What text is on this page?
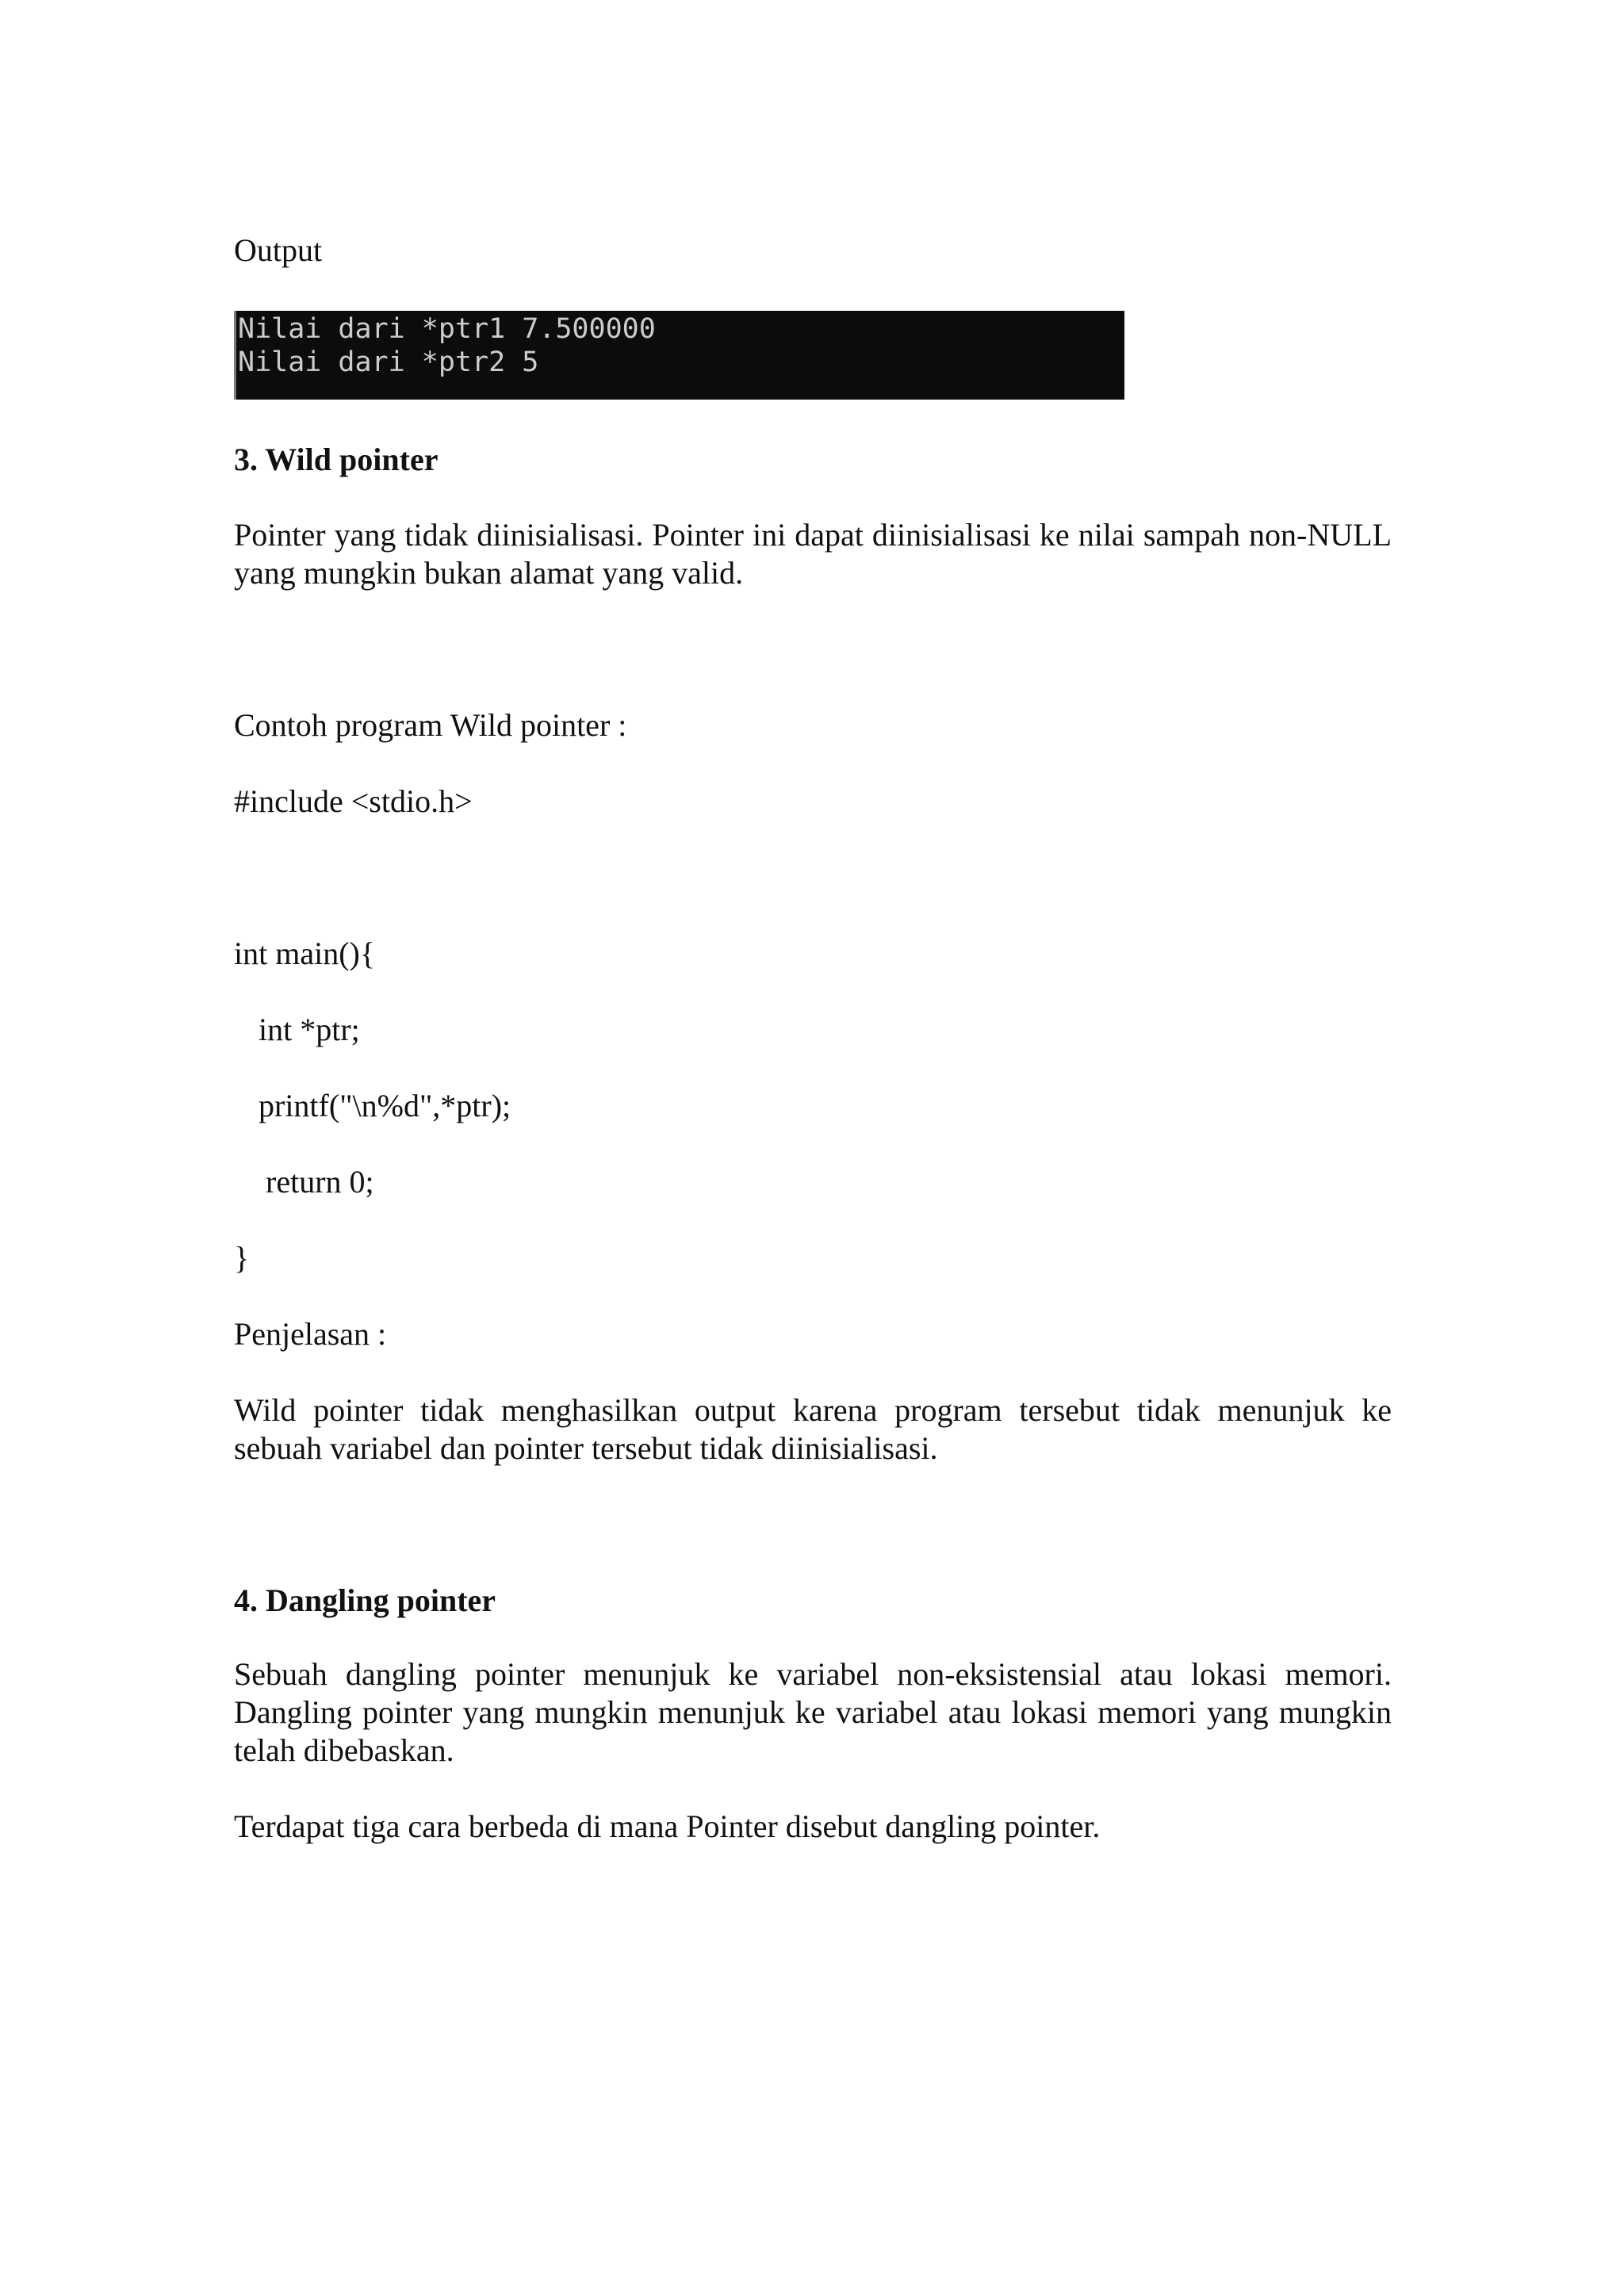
Output

Nilai dari *ptr1 7.500000
Nilai dari *ptr2 5

3. Wild pointer

Pointer yang tidak diinisialisasi. Pointer ini dapat diinisialisasi ke nilai sampah non-NULL yang mungkin bukan alamat yang valid.

Contoh program Wild pointer :

#include <stdio.h>

int main(){

int *ptr;

printf("\n%d",*ptr);

return 0;

}

Penjelasan :

Wild pointer tidak menghasilkan output karena program tersebut tidak menunjuk ke sebuah variabel dan pointer tersebut tidak diinisialisasi.

4. Dangling pointer

Sebuah dangling pointer menunjuk ke variabel non-eksistensial atau lokasi memori. Dangling pointer yang mungkin menunjuk ke variabel atau lokasi memori yang mungkin telah dibebaskan.

Terdapat tiga cara berbeda di mana Pointer disebut dangling pointer.
